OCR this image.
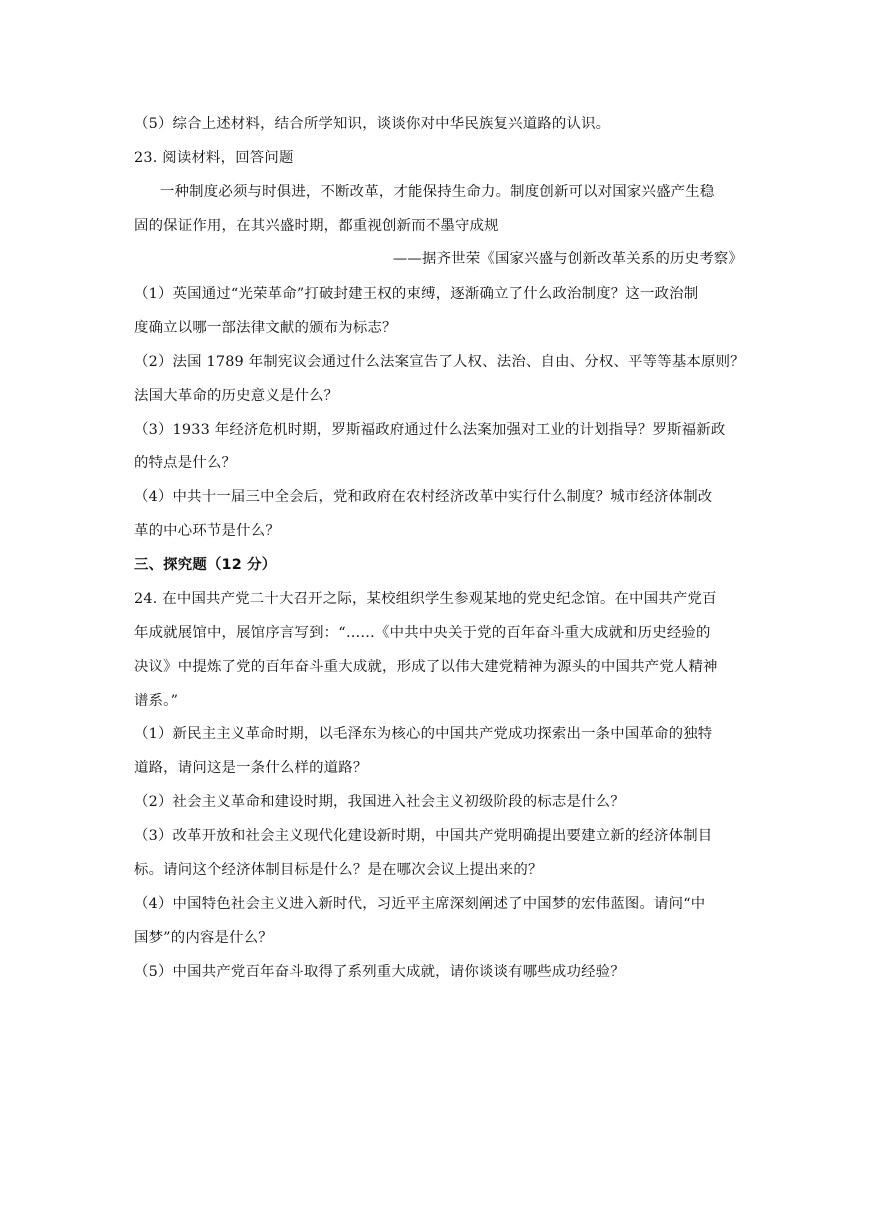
（5）综合上述材料，结合所学知识，谈谈你对中华民族复兴道路的认识。
23. 阅读材料，回答问题
一种制度必须与时俱进，不断改革，才能保持生命力。制度创新可以对国家兴盛产生稳
固的保证作用，在其兴盛时期，都重视创新而不墨守成规
——据齐世荣《国家兴盛与创新改革关系的历史考察》
（1）英国通过“光荣革命”打破封建王权的束缚，逐渐确立了什么政治制度？这一政治制
度确立以哪一部法律文献的颁布为标志？
（2）法国 1789 年制宪议会通过什么法案宣告了人权、法治、自由、分权、平等等基本原则？
法国大革命的历史意义是什么？
（3）1933 年经济危机时期，罗斯福政府通过什么法案加强对工业的计划指导？罗斯福新政
的特点是什么？
（4）中共十一届三中全会后，党和政府在农村经济改革中实行什么制度？城市经济体制改
革的中心环节是什么？
三、探究题（12 分）
24. 在中国共产党二十大召开之际，某校组织学生参观某地的党史纪念馆。在中国共产党百
年成就展馆中，展馆序言写到：“……《中共中央关于党的百年奋斗重大成就和历史经验的
决议》中提炼了党的百年奋斗重大成就，形成了以伟大建党精神为源头的中国共产党人精神
谱系。”
（1）新民主主义革命时期，以毛泽东为核心的中国共产党成功探索出一条中国革命的独特
道路，请问这是一条什么样的道路？
（2）社会主义革命和建设时期，我国进入社会主义初级阶段的标志是什么？
（3）改革开放和社会主义现代化建设新时期，中国共产党明确提出要建立新的经济体制目
标。请问这个经济体制目标是什么？是在哪次会议上提出来的？
（4）中国特色社会主义进入新时代，习近平主席深刻阐述了中国梦的宏伟蓝图。请问“中
国梦”的内容是什么？
（5）中国共产党百年奋斗取得了系列重大成就，请你谈谈有哪些成功经验？
